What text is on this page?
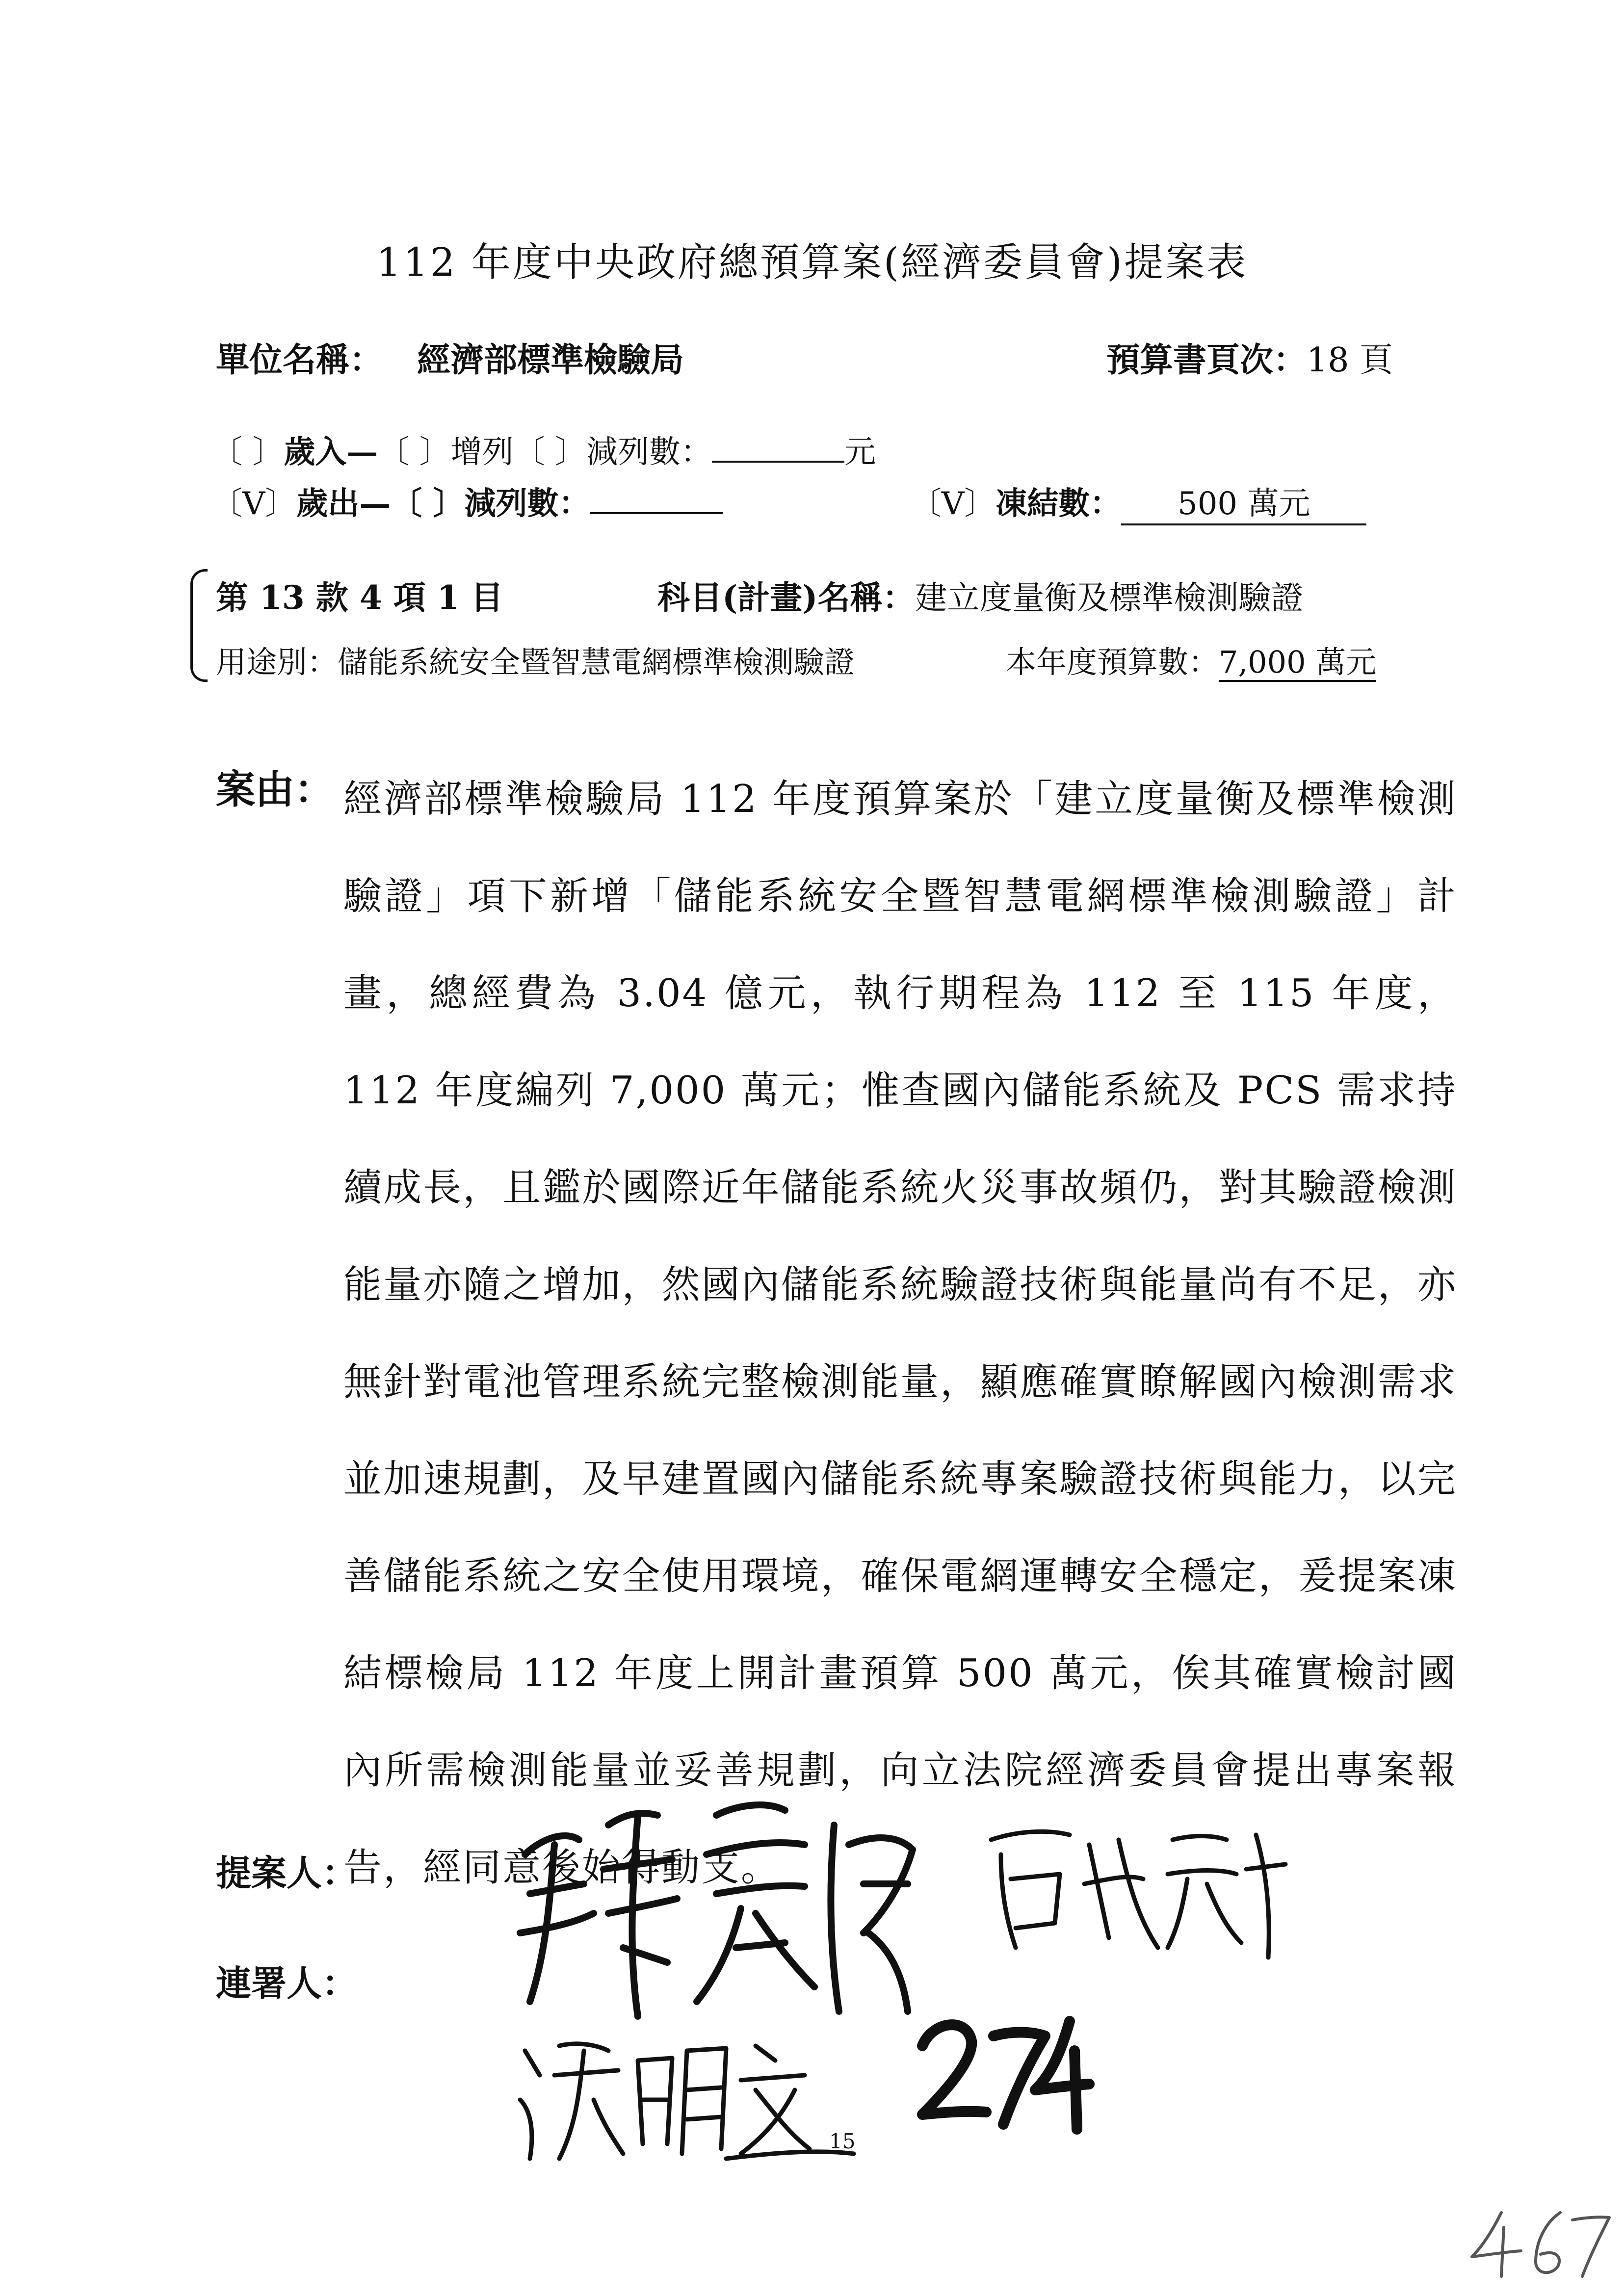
112 年度中央政府總預算案(經濟委員會)提案表
單位名稱： 經濟部標準檢驗局	預算書頁次：18 頁
〔 〕歲入—〔 〕增列〔 〕減列數：	元
〔V〕歲出—〔 〕減列數：	〔V〕凍結數： 500 萬元
第 13 款 4 項 1 目	科目(計畫)名稱：建立度量衡及標準檢測驗證
用途別：儲能系統安全暨智慧電網標準檢測驗證	本年度預算數：7,000 萬元
案由： 經濟部標準檢驗局 112 年度預算案於「建立度量衡及標準檢測驗證」項下新增「儲能系統安全暨智慧電網標準檢測驗證」計畫，總經費為 3.04 億元，執行期程為 112 至 115 年度，112 年度編列 7,000 萬元；惟查國內儲能系統及 PCS 需求持續成長，且鑑於國際近年儲能系統火災事故頻仍，對其驗證檢測能量亦隨之增加，然國內儲能系統驗證技術與能量尚有不足，亦無針對電池管理系統完整檢測能量，顯應確實瞭解國內檢測需求並加速規劃，及早建置國內儲能系統專案驗證技術與能力，以完善儲能系統之安全使用環境，確保電網運轉安全穩定，爰提案凍結標檢局 112 年度上開計畫預算 500 萬元，俟其確實檢討國內所需檢測能量並妥善規劃，向立法院經濟委員會提出專案報告，經同意後始得動支。
提案人：
連署人：
15
